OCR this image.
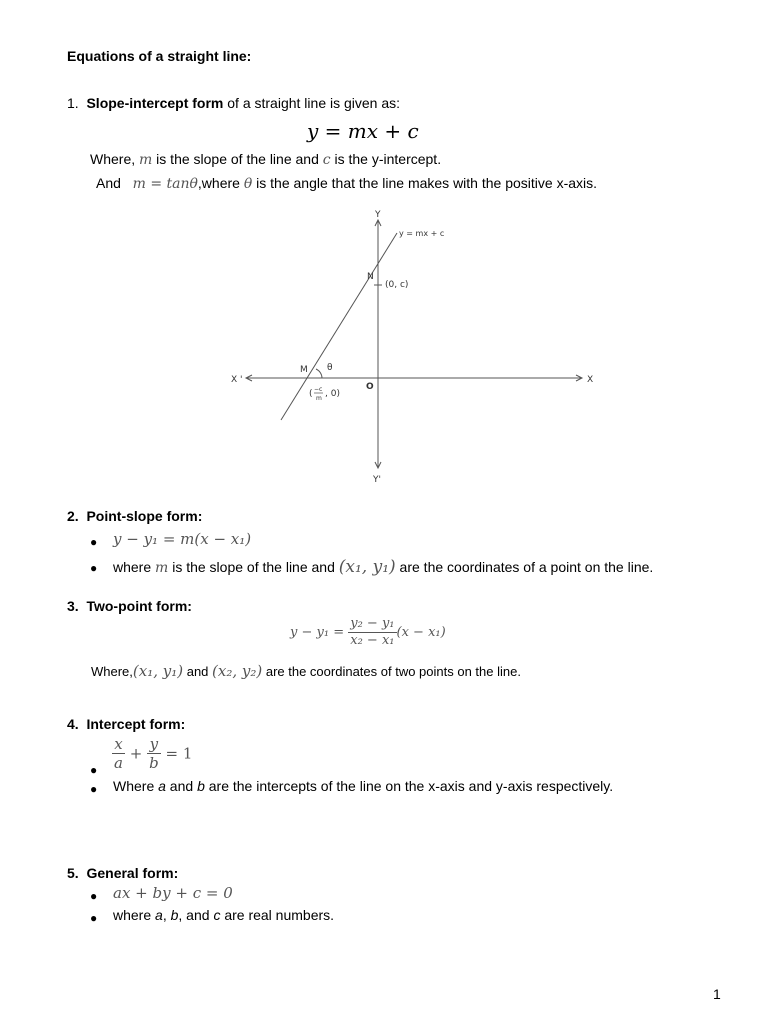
Equations of a straight line:
1. Slope-intercept form of a straight line is given as:
y = mx + c
Where, m is the slope of the line and c is the y-intercept.
And m = tanθ,where θ is the angle that the line makes with the positive x-axis.
Y
Y'
X
X '
y = mx + c
N
(0, c)
M θ
O
( −c
m , 0)
2. Point-slope form:
● y − y₁ = m(x − x₁)
● where m is the slope of the line and (x₁, y₁) are the coordinates of a point on the line.
3. Two-point form:
$y - y_1 = \frac{\text{y₂ − y₁}}{\text{x₂ − x₁}} (x - x_1)$
Where,(x₁, y₁) and (x₂, y₂) are the coordinates of two points on the line.
4. Intercept form:
● $\frac{x}{a} + \frac{y}{b} = 1$
● Where a and b are the intercepts of the line on the x-axis and y-axis respectively.
5. General form:
● ax + by + c = 0
● where a, b, and c are real numbers.
1
